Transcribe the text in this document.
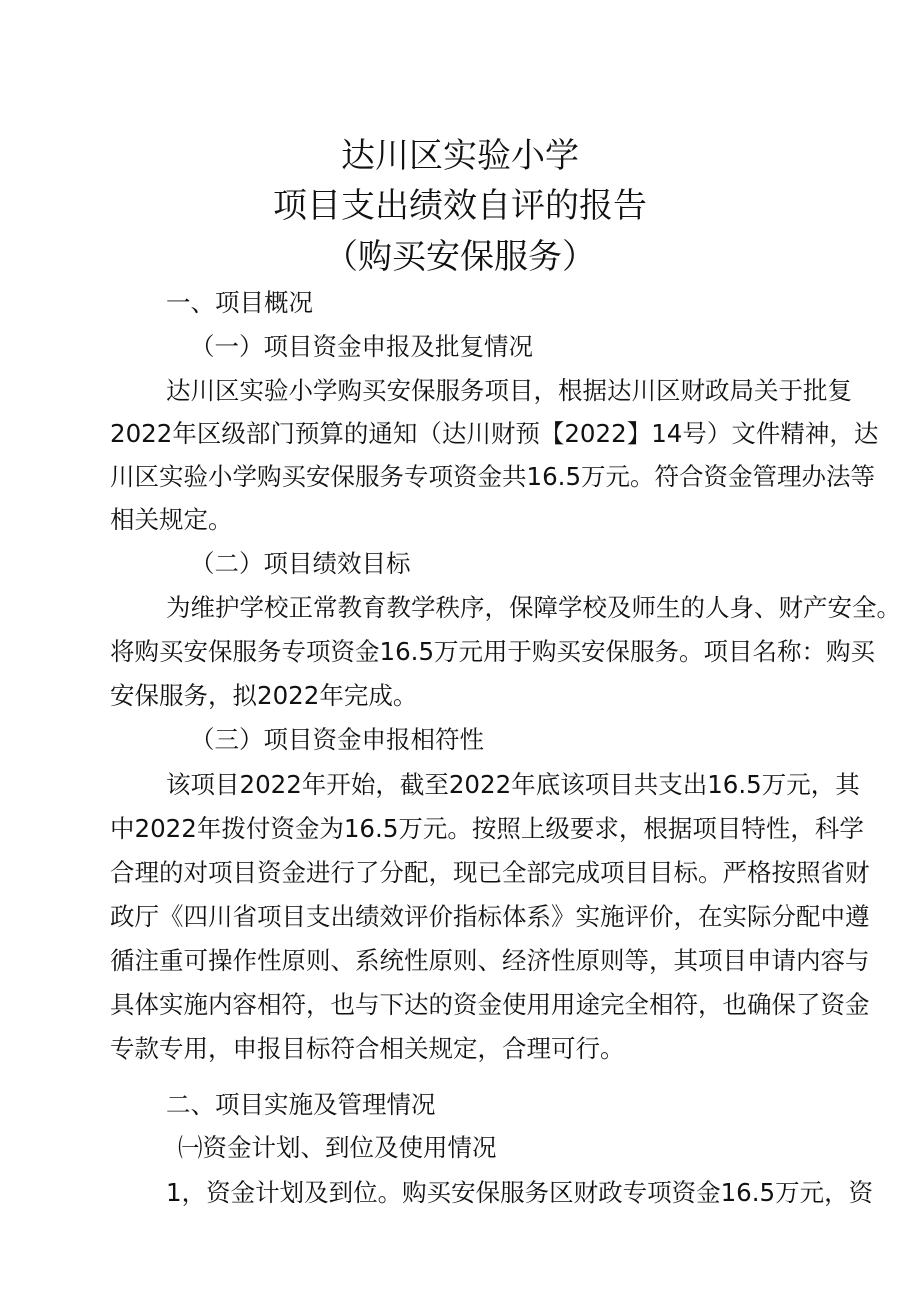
达川区实验小学
项目支出绩效自评的报告
（购买安保服务）
一、项目概况
（一）项目资金申报及批复情况
达川区实验小学购买安保服务项目，根据达川区财政局关于批复
2022年区级部门预算的通知（达川财预【2022】14号）文件精神，达
川区实验小学购买安保服务专项资金共16.5万元。符合资金管理办法等
相关规定。
（二）项目绩效目标
为维护学校正常教育教学秩序，保障学校及师生的人身、财产安全。
将购买安保服务专项资金16.5万元用于购买安保服务。项目名称：购买
安保服务，拟2022年完成。
（三）项目资金申报相符性
该项目2022年开始，截至2022年底该项目共支出16.5万元，其
中2022年拨付资金为16.5万元。按照上级要求，根据项目特性，科学
合理的对项目资金进行了分配，现已全部完成项目目标。严格按照省财
政厅《四川省项目支出绩效评价指标体系》实施评价，在实际分配中遵
循注重可操作性原则、系统性原则、经济性原则等，其项目申请内容与
具体实施内容相符，也与下达的资金使用用途完全相符，也确保了资金
专款专用，申报目标符合相关规定，合理可行。
二、项目实施及管理情况
㈠资金计划、到位及使用情况
1，资金计划及到位。购买安保服务区财政专项资金16.5万元，资
